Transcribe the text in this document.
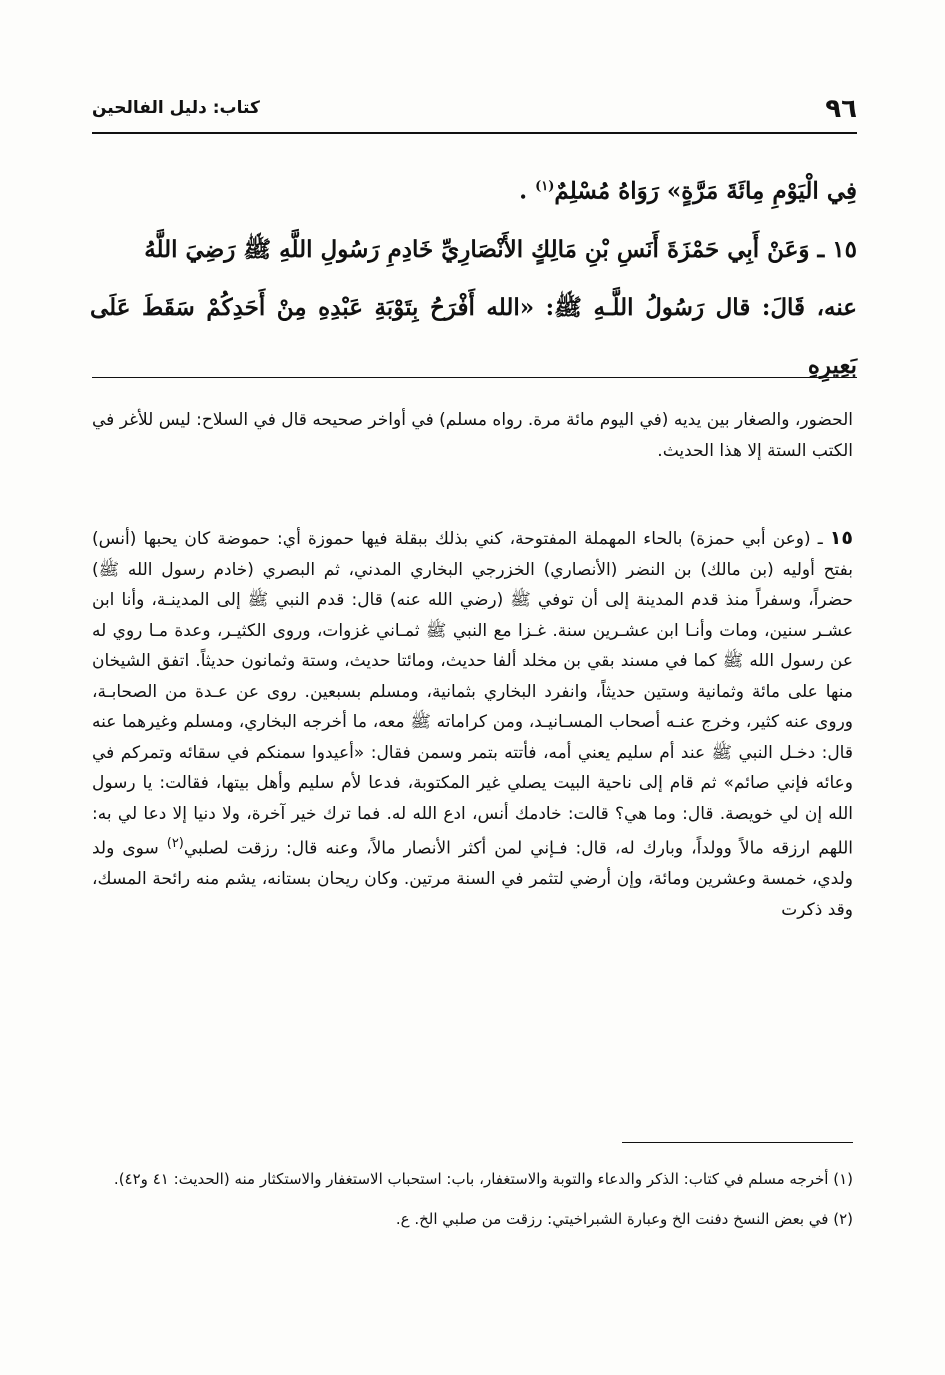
٩٦
كتاب: دليل الفالحين
فِي الْيَوْمِ مِائَةَ مَرَّةٍ» رَوَاهُ مُسْلِمٌ$^{(١)}$ .
١٥ ـ وَعَنْ أَبِي حَمْزَةَ أَنَسِ بْنِ مَالِكٍ الأَنْصَارِيِّ خَادِمِ رَسُولِ اللَّهِ ﷺ رَضِيَ اللَّهُ
عنه، قَالَ: قال رَسُولُ اللَّـهِ ﷺ: «الله أَفْرَحُ بِتَوْبَةِ عَبْدِهِ مِنْ أَحَدِكُمْ سَقَطَ عَلَى بَعِيرِهِ

الحضور، والصغار بين يديه (في اليوم مائة مرة. رواه مسلم) في أواخر صحيحه قال في السلاح: ليس للأغر في الكتب الستة إلا هذا الحديث.

١٥ ـ (وعن أبي حمزة) بالحاء المهملة المفتوحة، كني بذلك ببقلة فيها حموزة أي: حموضة كان يحبها (أنس) بفتح أوليه (بن مالك) بن النضر (الأنصاري) الخزرجي البخاري المدني، ثم البصري (خادم رسول الله ﷺ) حضراً، وسفراً منذ قدم المدينة إلى أن توفي ﷺ (رضي الله عنه) قال: قدم النبي ﷺ إلى المدينـة، وأنا ابن عشـر سنين، ومات وأنـا ابن عشـرين سنة. غـزا مع النبي ﷺ ثمـاني غزوات، وروى الكثيـر، وعدة مـا روي له عن رسول الله ﷺ كما في مسند بقي بن مخلد ألفا حديث، ومائتا حديث، وستة وثمانون حديثاً. اتفق الشيخان منها على مائة وثمانية وستين حديثاً، وانفرد البخاري بثمانية، ومسلم بسبعين. روى عن عـدة من الصحابـة، وروى عنه كثير، وخرج عنـه أصحاب المسـانيـد، ومن كراماته ﷺ معه، ما أخرجه البخاري، ومسلم وغيرهما عنه قال: دخـل النبي ﷺ عند أم سليم يعني أمه، فأتته بتمر وسمن فقال: «أعيدوا سمنكم في سقائه وتمركم في وعائه فإني صائم» ثم قام إلى ناحية البيت يصلي غير المكتوبة، فدعا لأم سليم وأهل بيتها، فقالت: يا رسول الله إن لي خويصة. قال: وما هي؟ قالت: خادمك أنس، ادع الله له. فما ترك خير آخرة، ولا دنيا إلا دعا لي به: اللهم ارزقه مالاً وولداً، وبارك له، قال: فـإني لمن أكثر الأنصار مالاً، وعنه قال: رزقت لصلبي$^{(٢)}$ سوى ولد ولدي، خمسة وعشرين ومائة، وإن أرضي لتثمر في السنة مرتين. وكان ريحان بستانه، يشم منه رائحة المسك، وقد ذكرت

(١) أخرجه مسلم في كتاب: الذكر والدعاء والتوبة والاستغفار، باب: استحباب الاستغفار والاستكثار منه (الحديث: ٤١ و٤٢).

(٢) في بعض النسخ دفنت الخ وعبارة الشبراخيتي: رزقت من صلبي الخ. ع.
